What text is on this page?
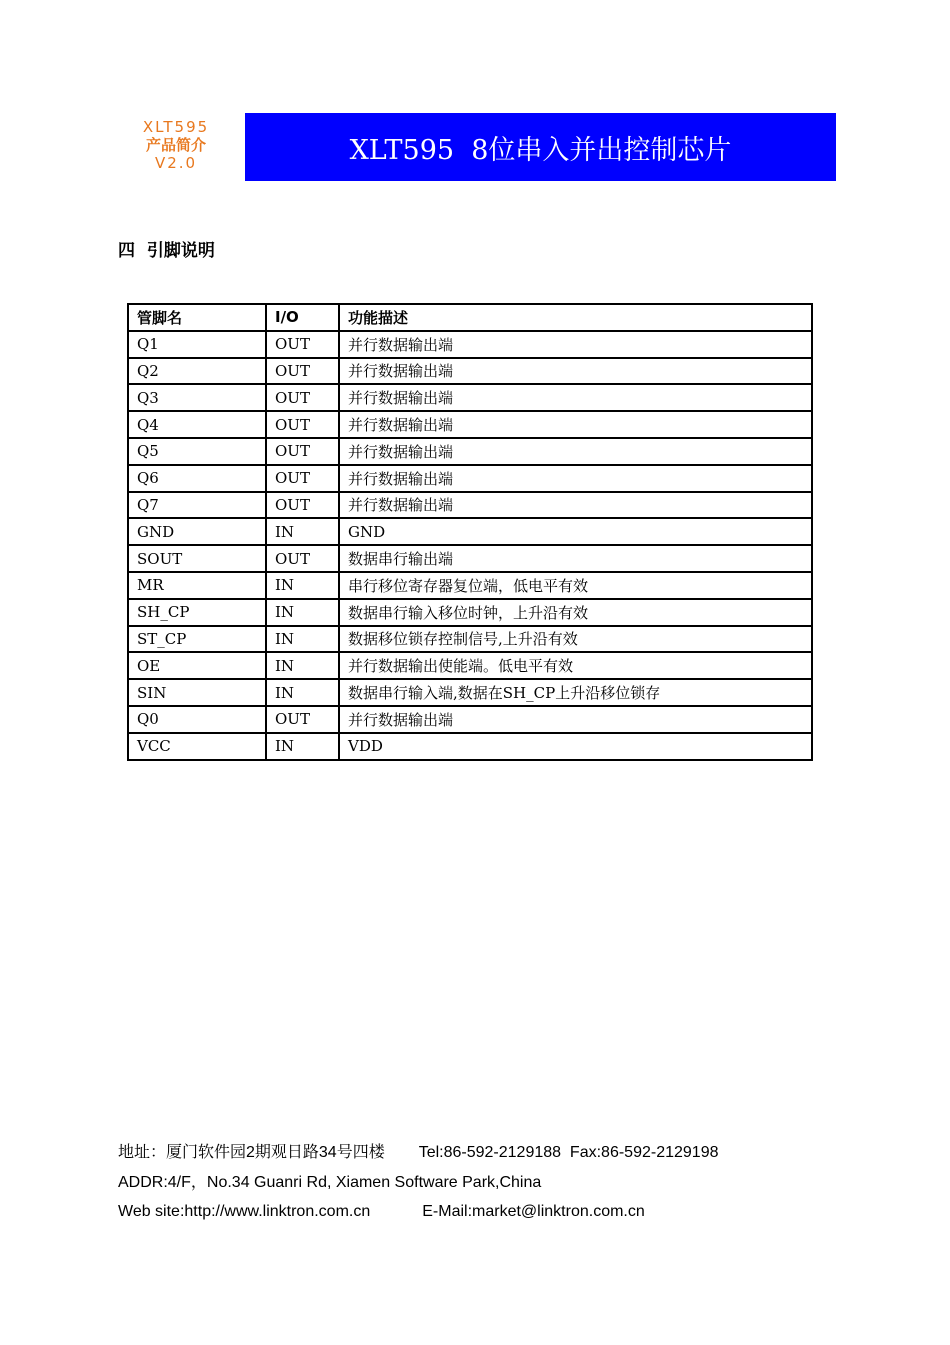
XLT595
产品简介
V2.0	XLT595  8位串入并出控制芯片
四  引脚说明
管脚名	I/O	功能描述
Q1	OUT	并行数据输出端
Q2	OUT	并行数据输出端
Q3	OUT	并行数据输出端
Q4	OUT	并行数据输出端
Q5	OUT	并行数据输出端
Q6	OUT	并行数据输出端
Q7	OUT	并行数据输出端
GND	IN	GND
SOUT	OUT	数据串行输出端
MR	IN	串行移位寄存器复位端，低电平有效
SH_CP	IN	数据串行输入移位时钟，上升沿有效
ST_CP	IN	数据移位锁存控制信号,上升沿有效
OE	IN	并行数据输出使能端。低电平有效
SIN	IN	数据串行输入端,数据在SH_CP上升沿移位锁存
Q0	OUT	并行数据输出端
VCC	IN	VDD
地址：厦门软件园2期观日路34号四楼 Tel:86-592-2129188  Fax:86-592-2129198
ADDR:4/F，No.34 Guanri Rd, Xiamen Software Park,China
Web site:http://www.linktron.com.cn	E-Mail:market@linktron.com.cn
